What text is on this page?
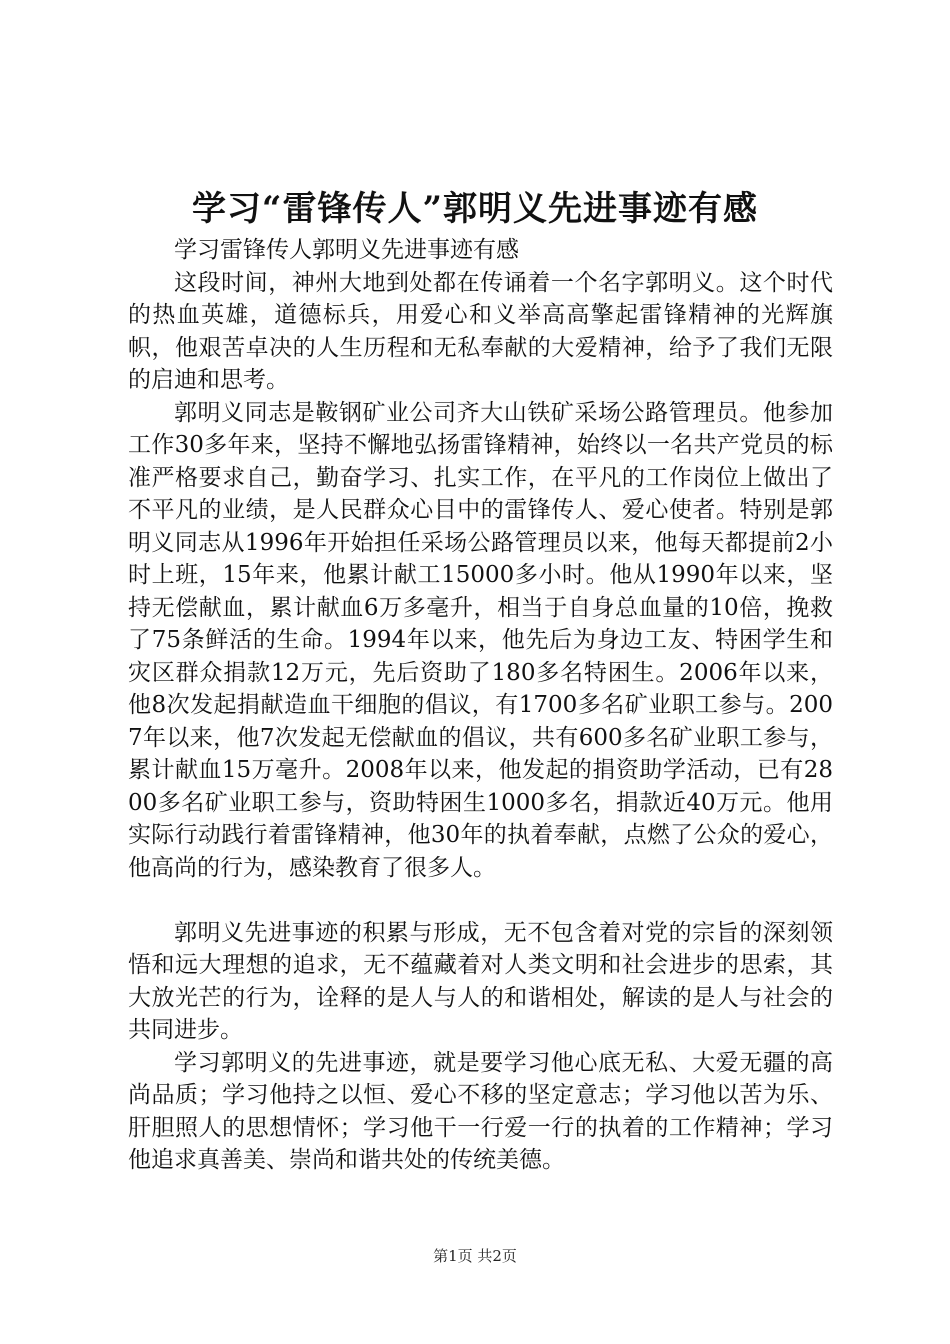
学习“雷锋传人”郭明义先进事迹有感

学习雷锋传人郭明义先进事迹有感

这段时间，神州大地到处都在传诵着一个名字郭明义。这个时代的热血英雄，道德标兵，用爱心和义举高高擎起雷锋精神的光辉旗帜，他艰苦卓决的人生历程和无私奉献的大爱精神，给予了我们无限的启迪和思考。

郭明义同志是鞍钢矿业公司齐大山铁矿采场公路管理员。他参加工作30多年来，坚持不懈地弘扬雷锋精神，始终以一名共产党员的标准严格要求自己，勤奋学习、扎实工作，在平凡的工作岗位上做出了不平凡的业绩，是人民群众心目中的雷锋传人、爱心使者。特别是郭明义同志从1996年开始担任采场公路管理员以来，他每天都提前2小时上班，15年来，他累计献工15000多小时。他从1990年以来，坚持无偿献血，累计献血6万多毫升，相当于自身总血量的10倍，挽救了75条鲜活的生命。1994年以来，他先后为身边工友、特困学生和灾区群众捐款12万元，先后资助了180多名特困生。2006年以来，他8次发起捐献造血干细胞的倡议，有1700多名矿业职工参与。2007年以来，他7次发起无偿献血的倡议，共有600多名矿业职工参与，累计献血15万毫升。2008年以来，他发起的捐资助学活动，已有2800多名矿业职工参与，资助特困生1000多名，捐款近40万元。他用实际行动践行着雷锋精神，他30年的执着奉献，点燃了公众的爱心，他高尚的行为，感染教育了很多人。

郭明义先进事迹的积累与形成，无不包含着对党的宗旨的深刻领悟和远大理想的追求，无不蕴藏着对人类文明和社会进步的思索，其大放光芒的行为，诠释的是人与人的和谐相处，解读的是人与社会的共同进步。

学习郭明义的先进事迹，就是要学习他心底无私、大爱无疆的高尚品质；学习他持之以恒、爱心不移的坚定意志；学习他以苦为乐、肝胆照人的思想情怀；学习他干一行爱一行的执着的工作精神；学习他追求真善美、崇尚和谐共处的传统美德。

第1页 共2页
